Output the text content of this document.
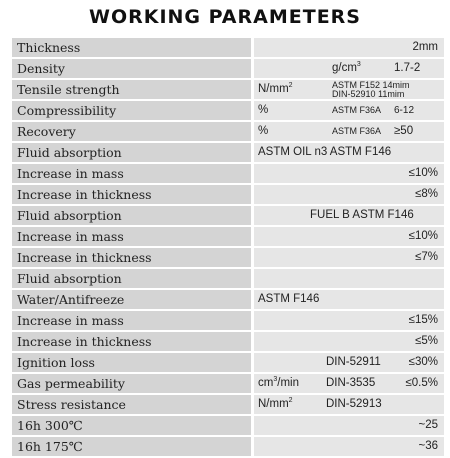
WORKING PARAMETERS
Thickness	2mm
Density	$g/cm^3$	1.7-2
Tensile strength	$N/mm^2$	ASTM F152 14mim
DIN-52910 11mim
Compressibility	%	ASTM F36A 6-12
Recovery	%	ASTM F36A ≥50
Fluid absorption	ASTM OIL n3 ASTM F146
Increase in mass	≤10%
Increase in thickness	≤8%
Fluid absorption	FUEL B ASTM F146
Increase in mass	≤10%
Increase in thickness	≤7%
Fluid absorption
Water/Antifreeze	ASTM F146
Increase in mass	≤15%
Increase in thickness	≤5%
Ignition loss	DIN-52911 ≤30%
Gas permeability	$cm^3/\min$ DIN-3535	≤0.5%
Stress resistance	$N/mm^2$	DIN-52913
16h 300℃	~25
16h 175℃	~36
